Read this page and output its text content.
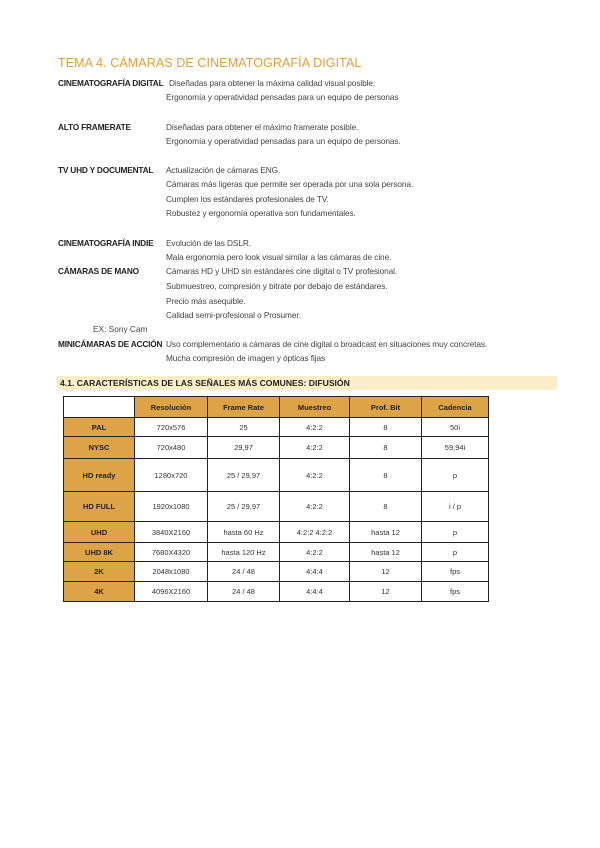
TEMA 4. CÁMARAS DE CINEMATOGRAFÍA DIGITAL
CINEMATOGRAFÍA DIGITAL Diseñadas para obtener la máxima calidad visual posible.
Ergonomía y operatividad pensadas para un equipo de personas
ALTO FRAMERATE	Diseñadas para obtener el máximo framerate posible.
Ergonomía y operatividad pensadas para un equipo de personas.
TV UHD Y DOCUMENTAL Actualización de cámaras ENG.
Cámaras más ligeras que permite ser operada por una sola persona.
Cumplen los estándares profesionales de TV.
Robustez y ergonomía operativa son fundamentales.
CINEMATOGRAFÍA INDIE Evolución de las DSLR.
Mala ergonomía pero look visual similar a las cámaras de cine.
CÁMARAS DE MANO	Cámaras HD y UHD sin estándares cine digital o TV profesional.
Submuestreo, compresión y bitrate por debajo de estándares.
Precio más asequible.
Calidad semi-profesional o Prosumer.
EX: Sony Cam
MINICÁMARAS DE ACCIÓN Uso complementario a cámaras de cine digital o broadcast en situaciones muy concretas.
Mucha compresión de imagen y ópticas fijas
4.1. CARACTERÍSTICAS DE LAS SEÑALES MÁS COMUNES: DIFUSIÓN
	Resolución	Frame Rate	Muestreo	Prof. Bit	Cadencia
PAL	720x576	25	4:2:2	8	50i
NYSC	720x480	29,97	4:2:2	8	59,94i
HD ready	1280x720	25 / 29,97	4:2:2	8	p
HD FULL	1920x1080	25 / 29,97	4:2:2	8	i / p
UHD	3840X2160	hasta 60 Hz	4:2:2 4:2:2	hasta 12	p
UHD 8K	7680X4320	hasta 120 Hz	4:2:2	hasta 12	p
2K	2048x1080	24 / 48	4:4:4	12	fps
4K	4096X2160	24 / 48	4:4:4	12	fps
